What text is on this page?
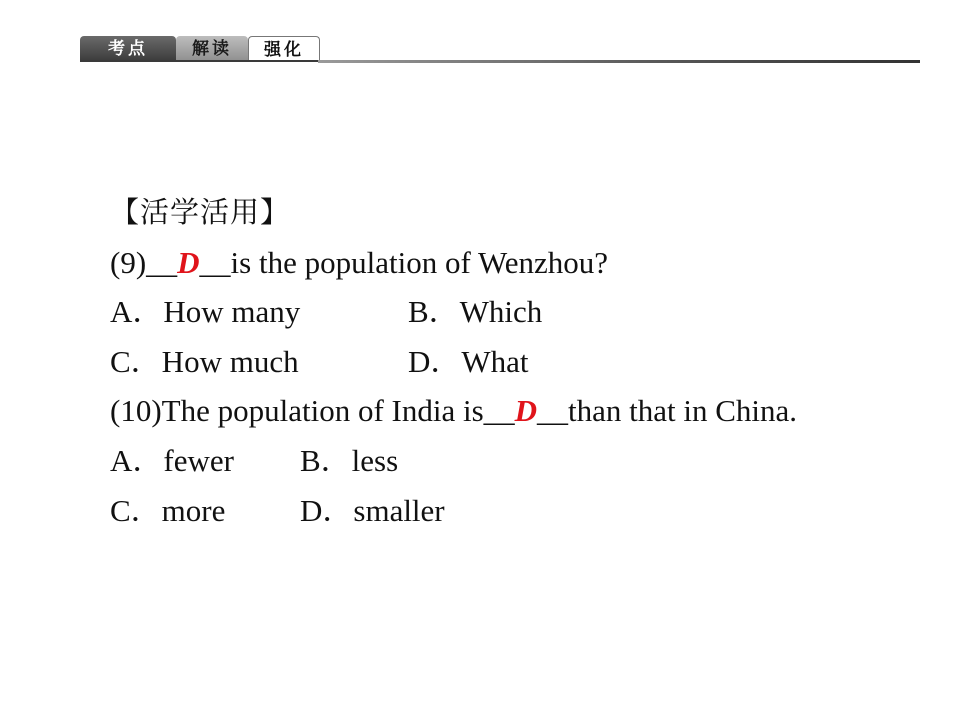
考点	解读	强化
【活学活用】
(9)__D__is the population of Wenzhou?
A．How many	B．Which
C．How much	D．What
(10)The population of India is__D__than that in China.
A．fewer B．less
C．more D．smaller
